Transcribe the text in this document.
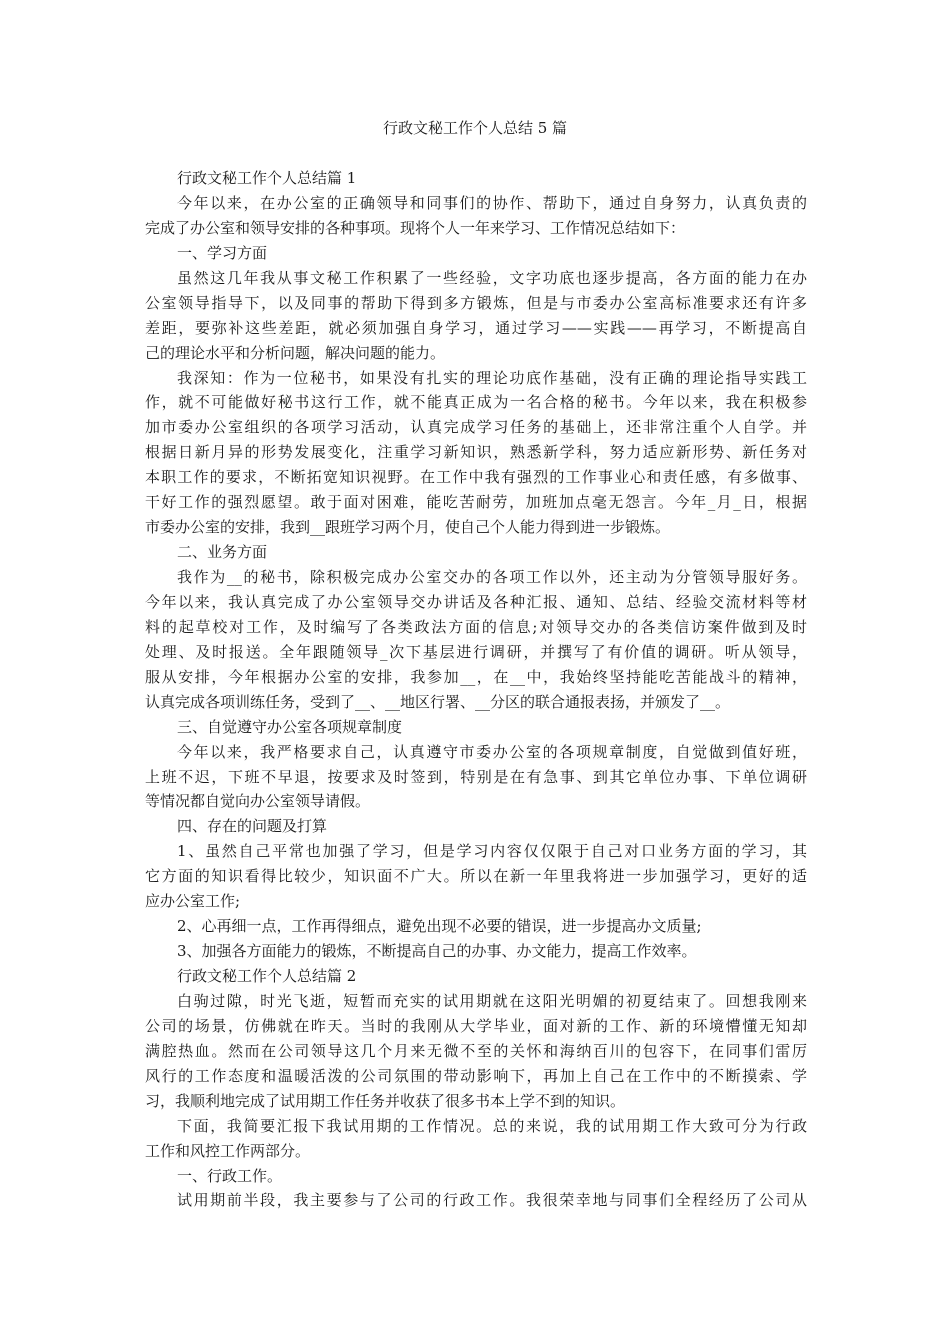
行政文秘工作个人总结 5 篇
行政文秘工作个人总结篇 1
今年以来，在办公室的正确领导和同事们的协作、帮助下，通过自身努力，认真负责的
完成了办公室和领导安排的各种事项。现将个人一年来学习、工作情况总结如下：
一、学习方面
虽然这几年我从事文秘工作积累了一些经验，文字功底也逐步提高，各方面的能力在办
公室领导指导下，以及同事的帮助下得到多方锻炼，但是与市委办公室高标准要求还有许多
差距，要弥补这些差距，就必须加强自身学习，通过学习——实践——再学习，不断提高自
己的理论水平和分析问题，解决问题的能力。
我深知：作为一位秘书，如果没有扎实的理论功底作基础，没有正确的理论指导实践工
作，就不可能做好秘书这行工作，就不能真正成为一名合格的秘书。今年以来，我在积极参
加市委办公室组织的各项学习活动，认真完成学习任务的基础上，还非常注重个人自学。并
根据日新月异的形势发展变化，注重学习新知识，熟悉新学科，努力适应新形势、新任务对
本职工作的要求，不断拓宽知识视野。在工作中我有强烈的工作事业心和责任感，有多做事、
干好工作的强烈愿望。敢于面对困难，能吃苦耐劳，加班加点毫无怨言。今年_月_日，根据
市委办公室的安排，我到__跟班学习两个月，使自己个人能力得到进一步锻炼。
二、业务方面
我作为__的秘书，除积极完成办公室交办的各项工作以外，还主动为分管领导服好务。
今年以来，我认真完成了办公室领导交办讲话及各种汇报、通知、总结、经验交流材料等材
料的起草校对工作，及时编写了各类政法方面的信息;对领导交办的各类信访案件做到及时
处理、及时报送。全年跟随领导_次下基层进行调研，并撰写了有价值的调研。听从领导，
服从安排，今年根据办公室的安排，我参加__，在__中，我始终坚持能吃苦能战斗的精神，
认真完成各项训练任务，受到了__、__地区行署、__分区的联合通报表扬，并颁发了__。
三、自觉遵守办公室各项规章制度
今年以来，我严格要求自己，认真遵守市委办公室的各项规章制度，自觉做到值好班，
上班不迟，下班不早退，按要求及时签到，特别是在有急事、到其它单位办事、下单位调研
等情况都自觉向办公室领导请假。
四、存在的问题及打算
1、虽然自己平常也加强了学习，但是学习内容仅仅限于自己对口业务方面的学习，其
它方面的知识看得比较少，知识面不广大。所以在新一年里我将进一步加强学习，更好的适
应办公室工作;
2、心再细一点，工作再得细点，避免出现不必要的错误，进一步提高办文质量;
3、加强各方面能力的锻炼，不断提高自己的办事、办文能力，提高工作效率。
行政文秘工作个人总结篇 2
白驹过隙，时光飞逝，短暂而充实的试用期就在这阳光明媚的初夏结束了。回想我刚来
公司的场景，仿佛就在昨天。当时的我刚从大学毕业，面对新的工作、新的环境懵懂无知却
满腔热血。然而在公司领导这几个月来无微不至的关怀和海纳百川的包容下，在同事们雷厉
风行的工作态度和温暖活泼的公司氛围的带动影响下，再加上自己在工作中的不断摸索、学
习，我顺利地完成了试用期工作任务并收获了很多书本上学不到的知识。
下面，我简要汇报下我试用期的工作情况。总的来说，我的试用期工作大致可分为行政
工作和风控工作两部分。
一、行政工作。
试用期前半段，我主要参与了公司的行政工作。我很荣幸地与同事们全程经历了公司从
